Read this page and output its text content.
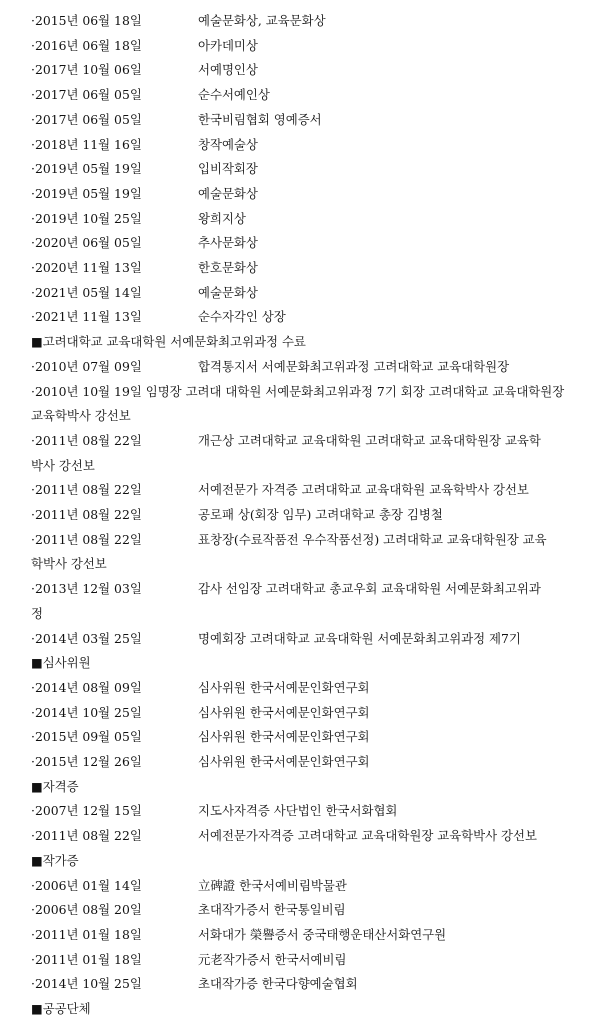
·2015년 06월 18일	예술문화상, 교육문화상
·2016년 06월 18일	아카데미상
·2017년 10월 06일	서예명인상
·2017년 06월 05일	순수서예인상
·2017년 06월 05일	한국비림협회 영예증서
·2018년 11월 16일	창작예술상
·2019년 05월 19일	입비작회장
·2019년 05월 19일	예술문화상
·2019년 10월 25일	왕희지상
·2020년 06월 05일	추사문화상
·2020년 11월 13일	한호문화상
·2021년 05월 14일	예술문화상
·2021년 11월 13일	순수자각인 상장
■고려대학교 교육대학원 서예문화최고위과정 수료
·2010년 07월 09일	합격통지서 서예문화최고위과정 고려대학교 교육대학원장
·2010년 10월 19일 임명장 고려대 대학원 서예문화최고위과정 7기 회장 고려대학교 교육대학원장 교육학박사 강선보
·2011년 08월 22일	개근상 고려대학교 교육대학원 고려대학교 교육대학원장 교육학
박사 강선보
·2011년 08월 22일	서예전문가 자격증 고려대학교 교육대학원 교육학박사 강선보
·2011년 08월 22일	공로패 상(회장 임무) 고려대학교 총장 김병철
·2011년 08월 22일	표창장(수료작품전 우수작품선정) 고려대학교 교육대학원장 교육
학박사 강선보
·2013년 12월 03일	감사 선임장 고려대학교 총교우회 교육대학원 서예문화최고위과
정
·2014년 03월 25일	명예회장 고려대학교 교육대학원 서예문화최고위과정 제7기
■심사위원
·2014년 08월 09일	심사위원 한국서예문인화연구회
·2014년 10월 25일	심사위원 한국서예문인화연구회
·2015년 09월 05일	심사위원 한국서예문인화연구회
·2015년 12월 26일	심사위원 한국서예문인화연구회
■자격증
·2007년 12월 15일	지도사자격증 사단법인 한국서화협회
·2011년 08월 22일	서예전문가자격증 고려대학교 교육대학원장 교육학박사 강선보
■작가증
·2006년 01월 14일	立碑證 한국서예비림박물관
·2006년 08월 20일	초대작가증서 한국통일비림
·2011년 01월 18일	서화대가 榮譽증서 중국태행운태산서화연구원
·2011년 01월 18일	元老작가증서 한국서예비림
·2014년 10월 25일	초대작가증 한국다향예술협회
■공공단체
